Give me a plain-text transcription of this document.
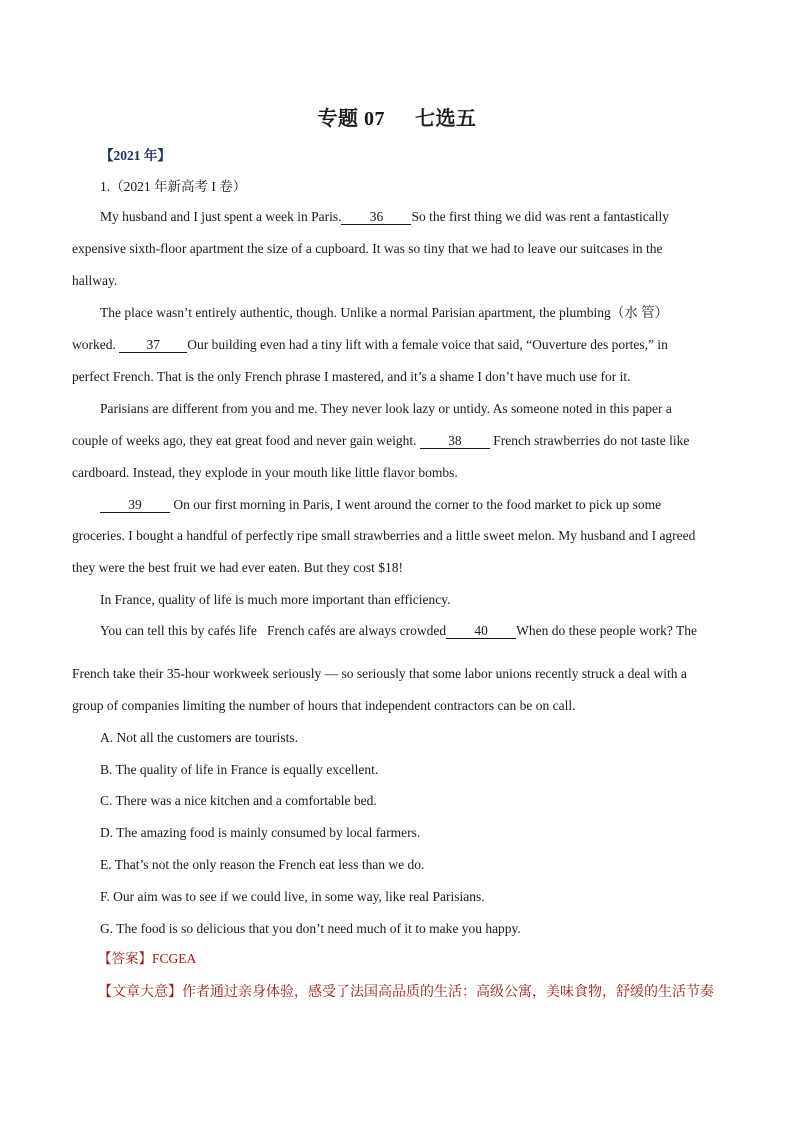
专题 07 七选五
【2021 年】
1.（2021 年新高考 I 卷）
My husband and I just spent a week in Paris. 36 So the first thing we did was rent a fantastically
expensive sixth-floor apartment the size of a cupboard. It was so tiny that we had to leave our suitcases in the
hallway.
The place wasn’t entirely authentic, though. Unlike a normal Parisian apartment, the plumbing（水 管）
worked. 37 Our building even had a tiny lift with a female voice that said, “Ouverture des portes,” in
perfect French. That is the only French phrase I mastered, and it’s a shame I don’t have much use for it.
Parisians are different from you and me. They never look lazy or untidy. As someone noted in this paper a
couple of weeks ago, they eat great food and never gain weight. 38 French strawberries do not taste like
cardboard. Instead, they explode in your mouth like little flavor bombs.
39 On our first morning in Paris, I went around the corner to the food market to pick up some
groceries. I bought a handful of perfectly ripe small strawberries and a little sweet melon. My husband and I agreed
they were the best fruit we had ever eaten. But they cost $18!
In France, quality of life is much more important than efficiency.
You can tell this by cafés life French cafés are always crowded 40 When do these people work? The
French take their 35-hour workweek seriously — so seriously that some labor unions recently struck a deal with a
group of companies limiting the number of hours that independent contractors can be on call.
A. Not all the customers are tourists.
B. The quality of life in France is equally excellent.
C. There was a nice kitchen and a comfortable bed.
D. The amazing food is mainly consumed by local farmers.
E. That’s not the only reason the French eat less than we do.
F. Our aim was to see if we could live, in some way, like real Parisians.
G. The food is so delicious that you don’t need much of it to make you happy.
【答案】FCGEA
【文章大意】作者通过亲身体验，感受了法国高品质的生活：高级公寓，美味食物，舒缓的生活节奏
